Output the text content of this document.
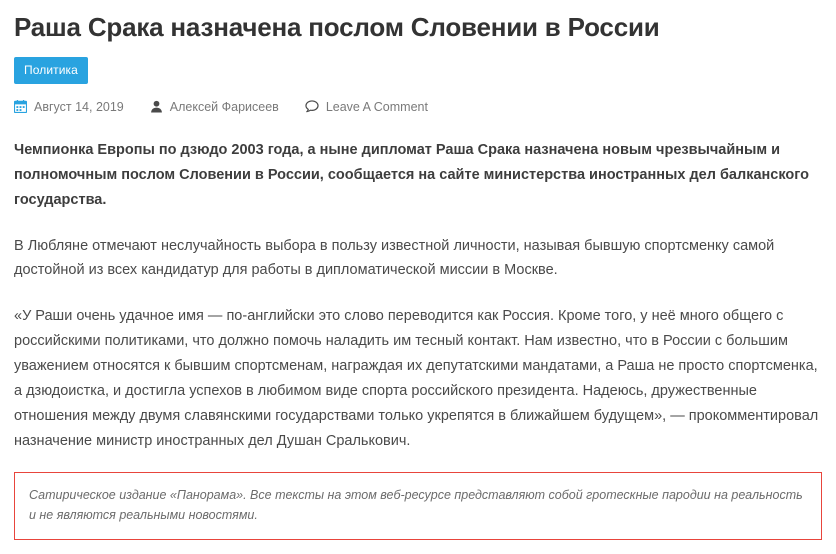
Раша Срака назначена послом Словении в России
Политика
Август 14, 2019	Алексей Фарисеев	Leave A Comment

Чемпионка Европы по дзюдо 2003 года, а ныне дипломат Раша Срака назначена новым чрезвычайным и полномочным послом Словении в России, сообщается на сайте министерства иностранных дел балканского государства.

В Любляне отмечают неслучайность выбора в пользу известной личности, называя бывшую спортсменку самой достойной из всех кандидатур для работы в дипломатической миссии в Москве.

«У Раши очень удачное имя — по-английски это слово переводится как Россия. Кроме того, у неё много общего с российскими политиками, что должно помочь наладить им тесный контакт. Нам известно, что в России с большим уважением относятся к бывшим спортсменам, награждая их депутатскими мандатами, а Раша не просто спортсменка, а дзюдоистка, и достигла успехов в любимом виде спорта российского президента. Надеюсь, дружественные отношения между двумя славянскими государствами только укрепятся в ближайшем будущем», — прокомментировал назначение министр иностранных дел Душан Сралькович.

Сатирическое издание «Панорама». Все тексты на этом веб-ресурсе представляют собой гротескные пародии на реальность и не являются реальными новостями.
